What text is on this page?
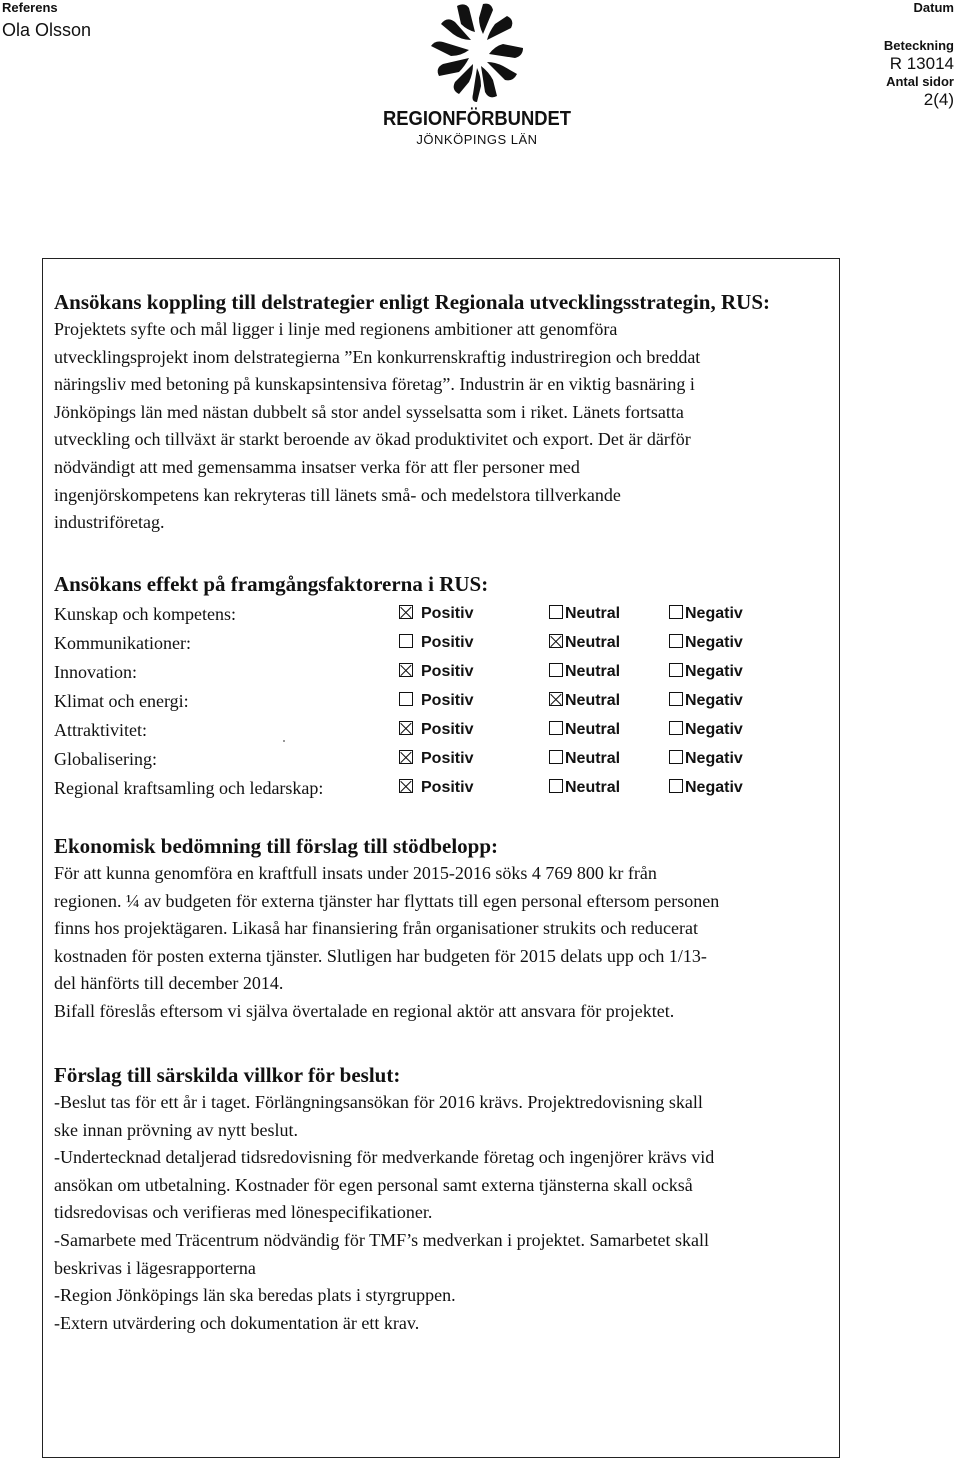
Referens
Ola Olsson
REGIONFÖRBUNDET
JÖNKÖPINGS LÄN
Datum
Beteckning
R 13014
Antal sidor
2(4)
Ansökans koppling till delstrategier enligt Regionala utvecklingsstrategin, RUS:
Projektets syfte och mål ligger i linje med regionens ambitioner att genomföra
utvecklingsprojekt inom delstrategierna ”En konkurrenskraftig industriregion och breddat
näringsliv med betoning på kunskapsintensiva företag”. Industrin är en viktig basnäring i
Jönköpings län med nästan dubbelt så stor andel sysselsatta som i riket. Länets fortsatta
utveckling och tillväxt är starkt beroende av ökad produktivitet och export. Det är därför
nödvändigt att med gemensamma insatser verka för att fler personer med
ingenjörskompetens kan rekryteras till länets små- och medelstora tillverkande
industriföretag.
Ansökans effekt på framgångsfaktorerna i RUS:
Kunskap och kompetens:	Positiv	Neutral	Negativ
Kommunikationer:	Positiv	Neutral	Negativ
Innovation:	Positiv	Neutral	Negativ
Klimat och energi:	Positiv	Neutral	Negativ
Attraktivitet:	Positiv	Neutral	Negativ
Globalisering:	Positiv	Neutral	Negativ
Regional kraftsamling och ledarskap:	Positiv	Neutral	Negativ
Ekonomisk bedömning till förslag till stödbelopp:
För att kunna genomföra en kraftfull insats under 2015-2016 söks 4 769 800 kr från
regionen. ¼ av budgeten för externa tjänster har flyttats till egen personal eftersom personen
finns hos projektägaren. Likaså har finansiering från organisationer strukits och reducerat
kostnaden för posten externa tjänster. Slutligen har budgeten för 2015 delats upp och 1/13-
del hänförts till december 2014.
Bifall föreslås eftersom vi själva övertalade en regional aktör att ansvara för projektet.
Förslag till särskilda villkor för beslut:
-Beslut tas för ett år i taget. Förlängningsansökan för 2016 krävs. Projektredovisning skall
ske innan prövning av nytt beslut.
-Undertecknad detaljerad tidsredovisning för medverkande företag och ingenjörer krävs vid
ansökan om utbetalning. Kostnader för egen personal samt externa tjänsterna skall också
tidsredovisas och verifieras med lönespecifikationer.
-Samarbete med Träcentrum nödvändig för TMF’s medverkan i projektet. Samarbetet skall
beskrivas i lägesrapporterna
-Region Jönköpings län ska beredas plats i styrgruppen.
-Extern utvärdering och dokumentation är ett krav.
